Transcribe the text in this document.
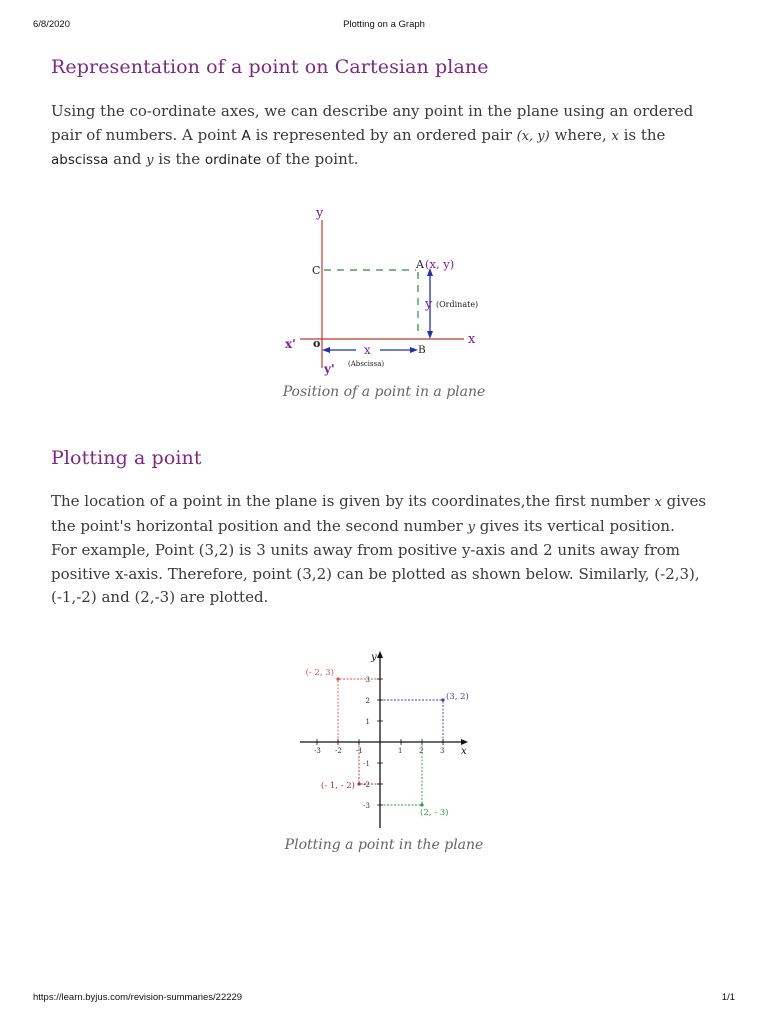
6/8/2020	Plotting on a Graph
Representation of a point on Cartesian plane

Using the co-ordinate axes, we can describe any point in the plane using an ordered pair of numbers. A point A is represented by an ordered pair (x, y) where, x is the abscissa and y is the ordinate of the point.

y
y'
x
x' o
C	A (x, y)
B
y (Ordinate)
x
(Abscissa)
Position of a point in a plane
Plotting a point

The location of a point in the plane is given by its coordinates,the first number x gives the point's horizontal position and the second number y gives its vertical position.

For example, Point (3,2) is 3 units away from positive y-axis and 2 units away from positive x-axis. Therefore, point (3,2) can be plotted as shown below. Similarly, (-2,3), (-1,-2) and (2,-3) are plotted.

x
y
-3 -2 -1	1 2 3
3
2
1
-1
-2
-3
(- 2, 3)
(3, 2)
(- 1, - 2)
(2, - 3)
Plotting a point in the plane
https://learn.byjus.com/revision-summaries/22229	1/1
